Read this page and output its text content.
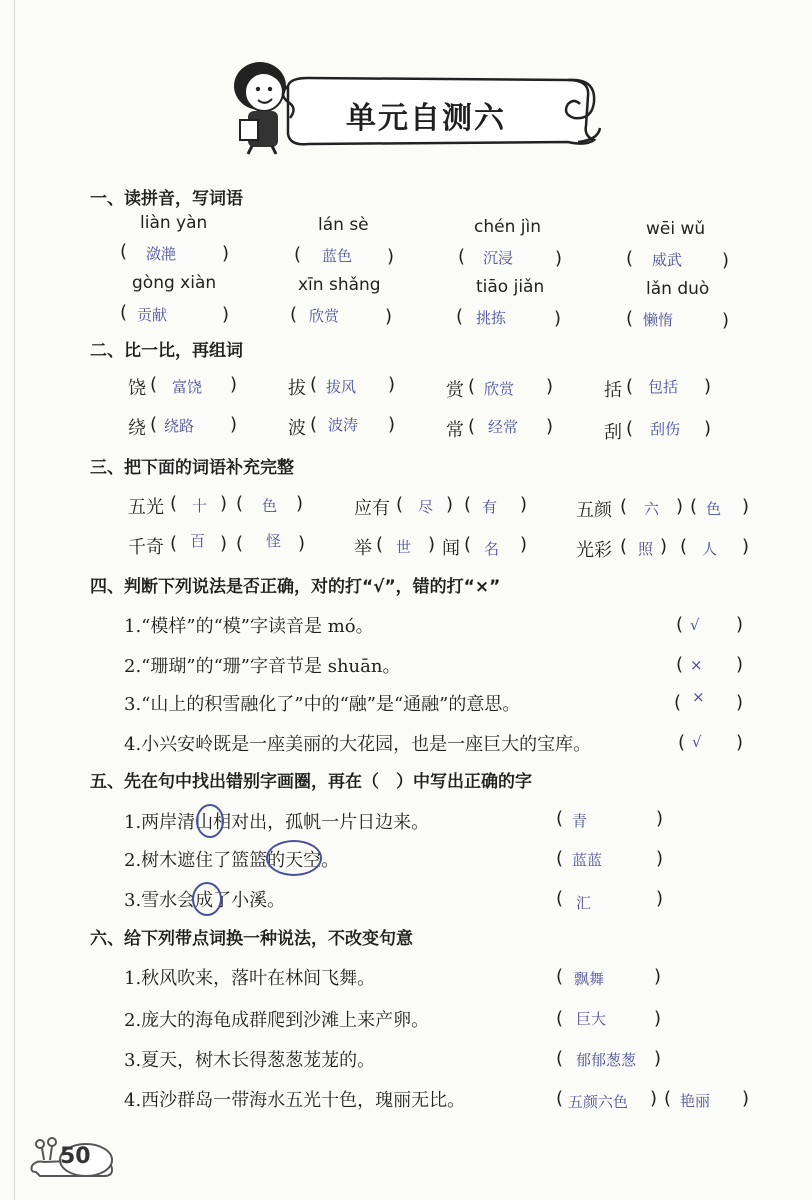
单元自测六
一、读拼音，写词语
liàn yàn	lán sè	chén jìn	wēi wǔ
( 潋滟	)	( 蓝色 )	( 沉浸 )	( 威武 )
gòng xiàn	xīn shǎng	tiāo jiǎn	lǎn duò
( 贡献	)	( 欣赏	)	( 挑拣	)	( 懒惰	)
二、比一比，再组词
饶 ( 富饶 )	拔 ( 拔风 )	赏 ( 欣赏 )	括 ( 包括 )
绕 ( 绕路 )	波 ( 波涛 )	常 ( 经常 )	刮 ( 刮伤 )
三、把下面的词语补充完整
五光 ( 十 ) ( 色 )	应有 ( 尽 ) ( 有 )	五颜 ( 六 ) ( 色 )
千奇 ( 百 ) ( 怪 )	举 ( 世 ) 闻 ( 名 )	光彩 ( 照 ) ( 人 )
四、判断下列说法是否正确，对的打“√”，错的打“×”
1.“模样”的“模”字读音是 mó。	( √ )
2.“珊瑚”的“珊”字音节是 shuān。	( × )
3.“山上的积雪融化了”中的“融”是“通融”的意思。	( × )
4.小兴安岭既是一座美丽的大花园，也是一座巨大的宝库。	( √ )
五、先在句中找出错别字画圈，再在（　）中写出正确的字
1.两岸清山相对出，孤帆一片日边来。	( 青	)
2.树木遮住了篮篮的天空。	( 蓝蓝	)
3.雪水会成了小溪。	( 汇	)
六、给下列带点词换一种说法，不改变句意
1.秋风吹来，落叶在林间飞舞。	( 飘舞	)
2.庞大的海龟成群爬到沙滩上来产卵。	( 巨大	)
3.夏天，树木长得葱葱茏茏的。	( 郁郁葱葱 )
4.西沙群岛一带海水五光十色，瑰丽无比。	( 五颜六色 ) ( 艳丽 )
50
